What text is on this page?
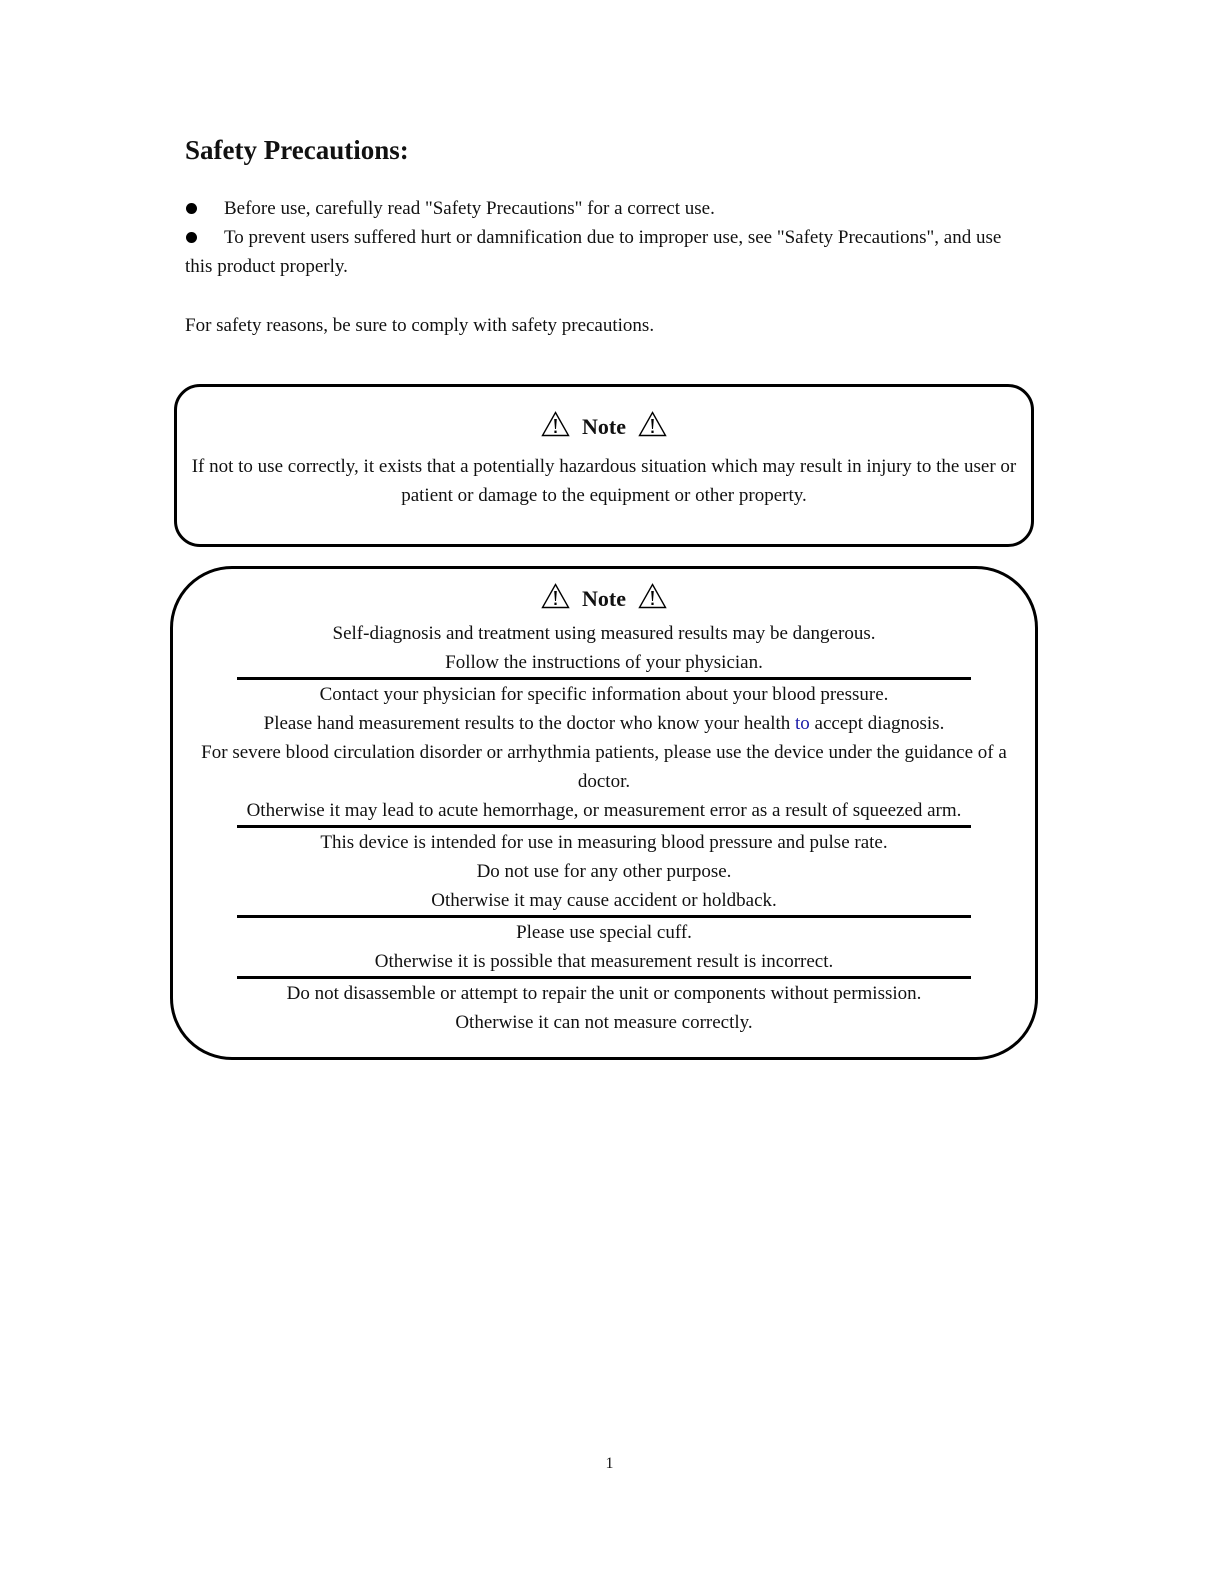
Safety Precautions:
Before use, carefully read "Safety Precautions" for a correct use.
To prevent users suffered hurt or damnification due to improper use, see "Safety Precautions", and use this product properly.

For safety reasons, be sure to comply with safety precautions.

Note
If not to use correctly, it exists that a potentially hazardous situation which may result in injury to the user or patient or damage to the equipment or other property.
Note
Self-diagnosis and treatment using measured results may be dangerous.
Follow the instructions of your physician.
Contact your physician for specific information about your blood pressure.
Please hand measurement results to the doctor who know your health to accept diagnosis.
For severe blood circulation disorder or arrhythmia patients, please use the device under the guidance of a doctor.
Otherwise it may lead to acute hemorrhage, or measurement error as a result of squeezed arm.
This device is intended for use in measuring blood pressure and pulse rate.
Do not use for any other purpose.
Otherwise it may cause accident or holdback.
Please use special cuff.
Otherwise it is possible that measurement result is incorrect.
Do not disassemble or attempt to repair the unit or components without permission.
Otherwise it can not measure correctly.
1
